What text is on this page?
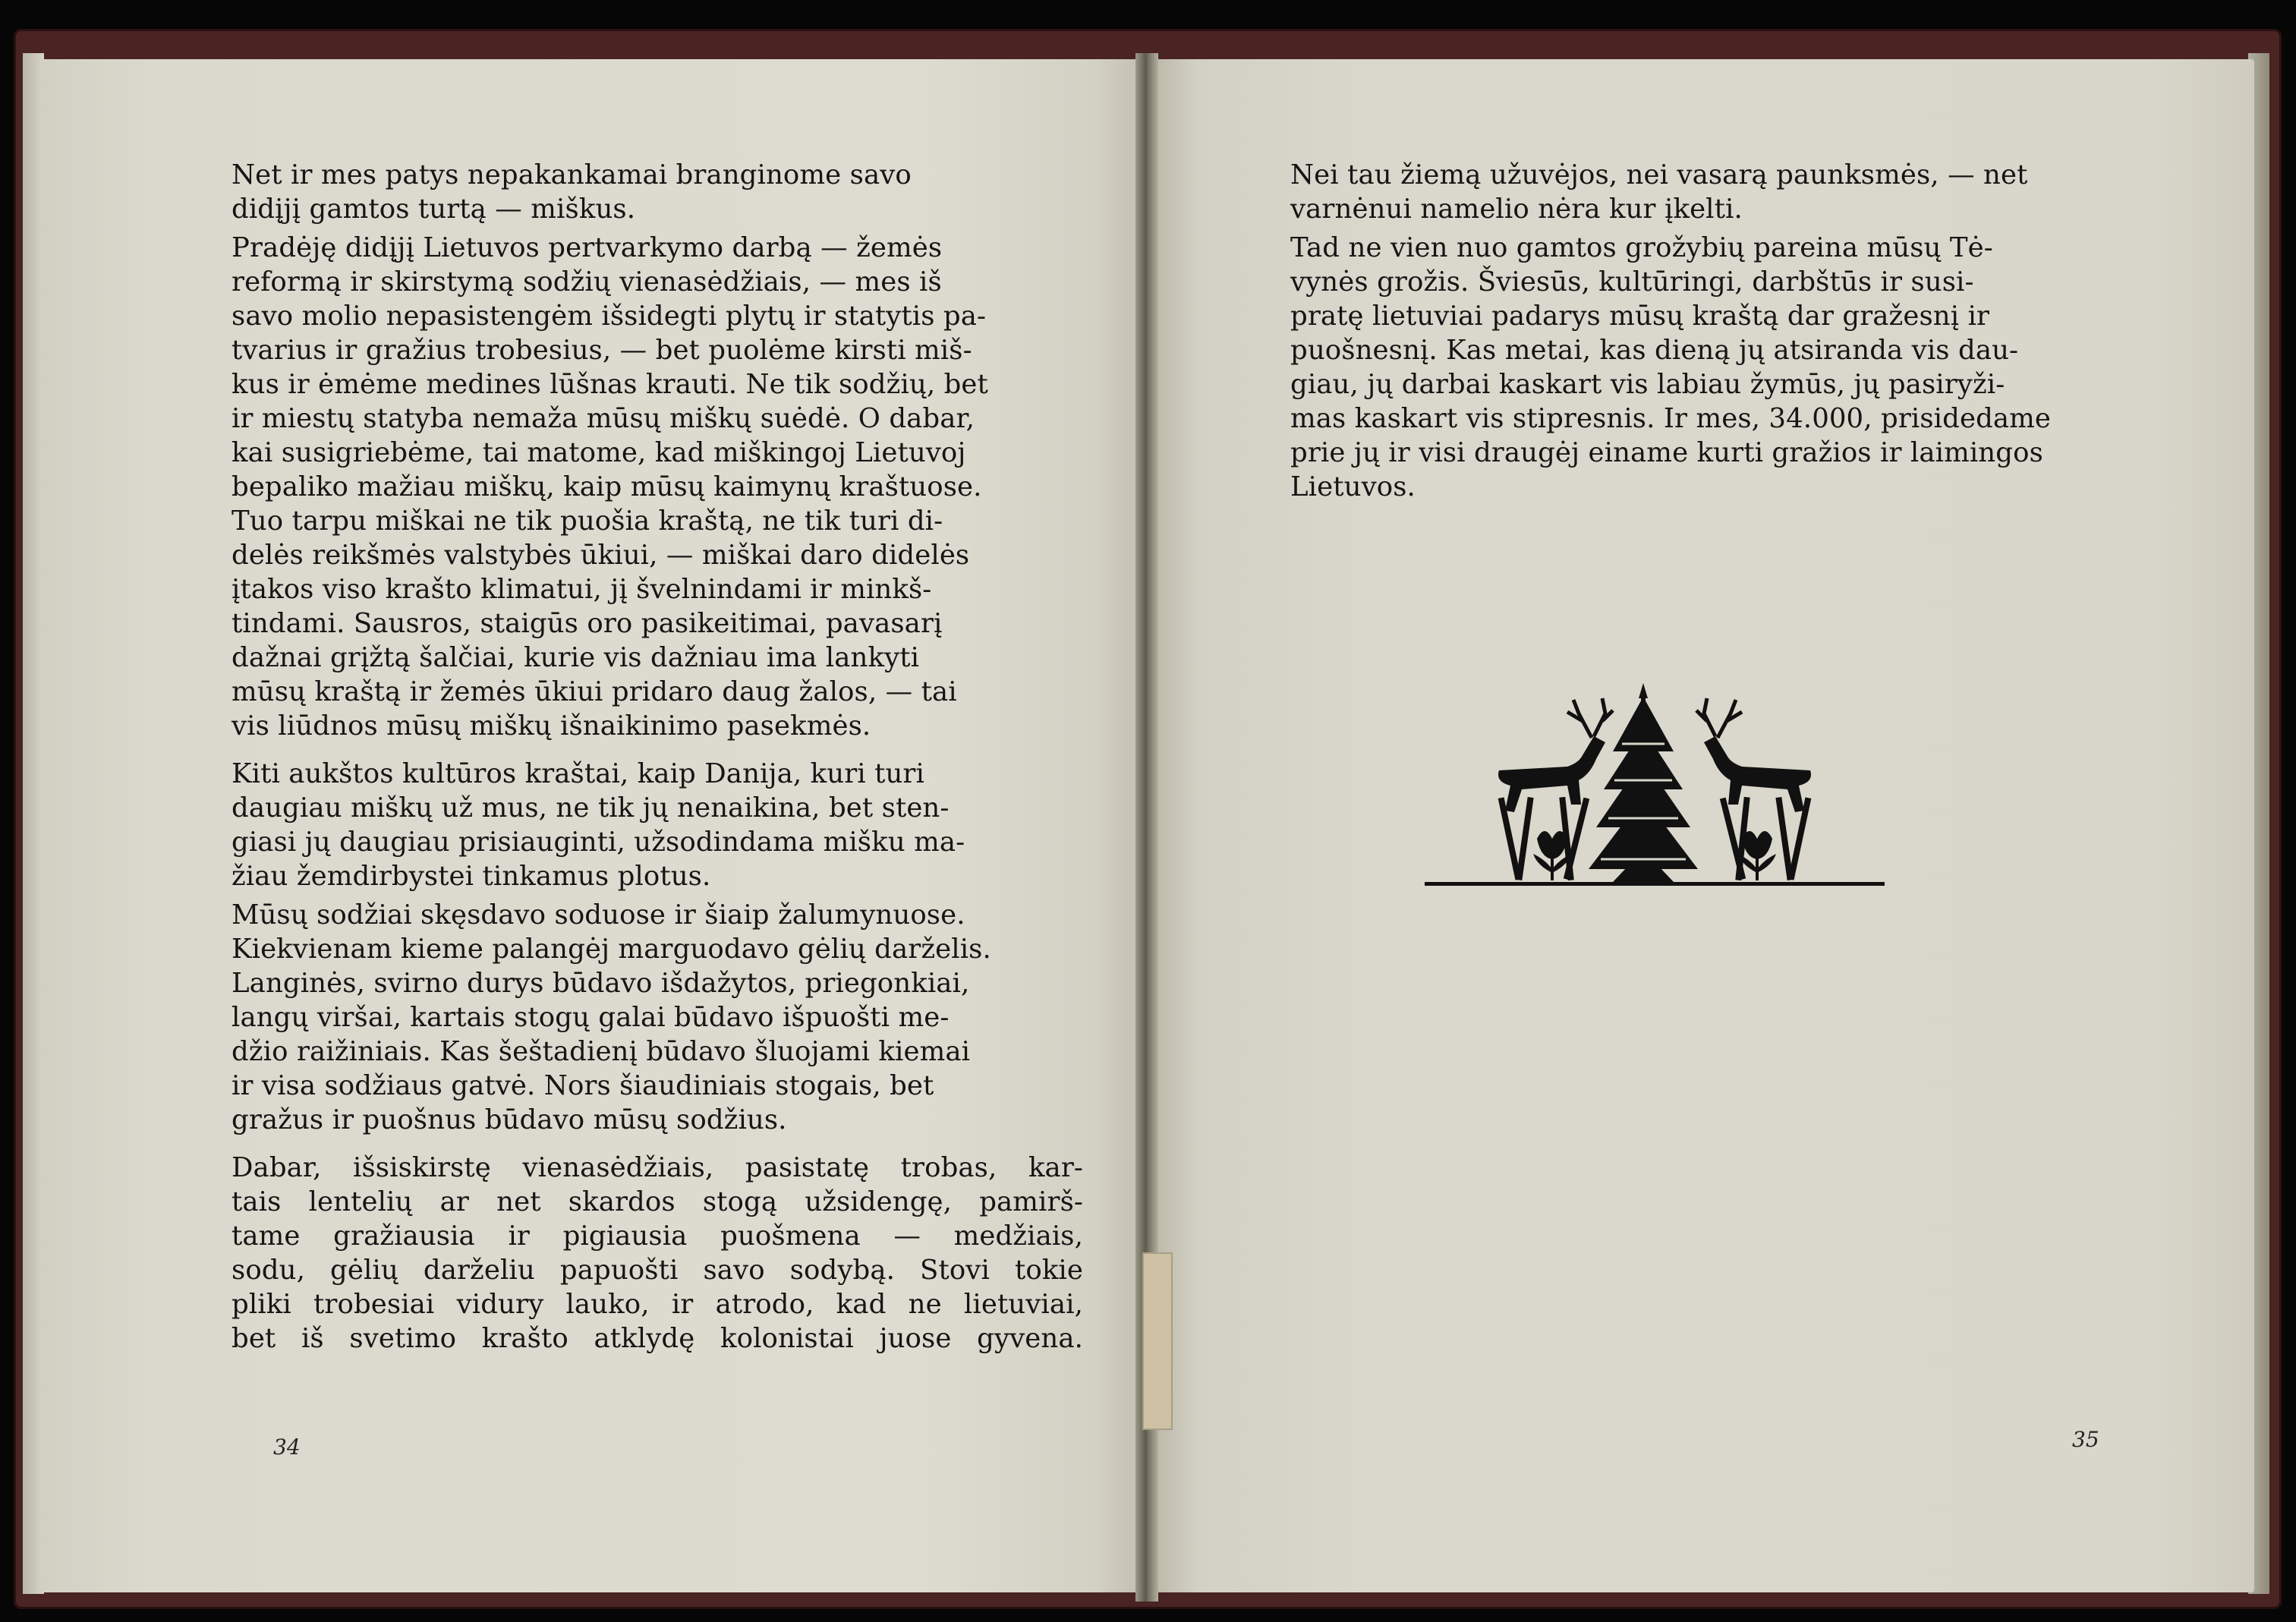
Net ir mes patys nepakankamai branginome savo
didįjį gamtos turtą — miškus.

Pradėję didįjį Lietuvos pertvarkymo darbą — žemės
reformą ir skirstymą sodžių vienasėdžiais, — mes iš
savo molio nepasistengėm išsidegti plytų ir statytis pa-
tvarius ir gražius trobesius, — bet puolėme kirsti miš-
kus ir ėmėme medines lūšnas krauti. Ne tik sodžių, bet
ir miestų statyba nemaža mūsų miškų suėdė. O dabar,
kai susigriebėme, tai matome, kad miškingoj Lietuvoj
bepaliko mažiau miškų, kaip mūsų kaimynų kraštuose.
Tuo tarpu miškai ne tik puošia kraštą, ne tik turi di-
delės reikšmės valstybės ūkiui, — miškai daro didelės
įtakos viso krašto klimatui, jį švelnindami ir minkš-
tindami. Sausros, staigūs oro pasikeitimai, pavasarį
dažnai grįžtą šalčiai, kurie vis dažniau ima lankyti
mūsų kraštą ir žemės ūkiui pridaro daug žalos, — tai
vis liūdnos mūsų miškų išnaikinimo pasekmės.

Kiti aukštos kultūros kraštai, kaip Danija, kuri turi
daugiau miškų už mus, ne tik jų nenaikina, bet sten-
giasi jų daugiau prisiauginti, užsodindama mišku ma-
žiau žemdirbystei tinkamus plotus.

Mūsų sodžiai skęsdavo soduose ir šiaip žalumynuose.
Kiekvienam kieme palangėj marguodavo gėlių darželis.
Langinės, svirno durys būdavo išdažytos, priegonkiai,
langų viršai, kartais stogų galai būdavo išpuošti me-
džio raižiniais. Kas šeštadienį būdavo šluojami kiemai
ir visa sodžiaus gatvė. Nors šiaudiniais stogais, bet
gražus ir puošnus būdavo mūsų sodžius.

Dabar, išsiskirstę vienasėdžiais, pasistatę trobas, kar-
tais lentelių ar net skardos stogą užsidengę, pamirš-
tame gražiausia ir pigiausia puošmena — medžiais,
sodu, gėlių darželiu papuošti savo sodybą. Stovi tokie
pliki trobesiai vidury lauko, ir atrodo, kad ne lietuviai,
bet iš svetimo krašto atklydę kolonistai juose gyvena.

34

Nei tau žiemą užuvėjos, nei vasarą paunksmės, — net
varnėnui namelio nėra kur įkelti.

Tad ne vien nuo gamtos grožybių pareina mūsų Tė-
vynės grožis. Šviesūs, kultūringi, darbštūs ir susi-
pratę lietuviai padarys mūsų kraštą dar gražesnį ir
puošnesnį. Kas metai, kas dieną jų atsiranda vis dau-
giau, jų darbai kaskart vis labiau žymūs, jų pasiryži-
mas kaskart vis stipresnis. Ir mes, 34.000, prisidedame
prie jų ir visi draugėj einame kurti gražios ir laimingos
Lietuvos.

35
